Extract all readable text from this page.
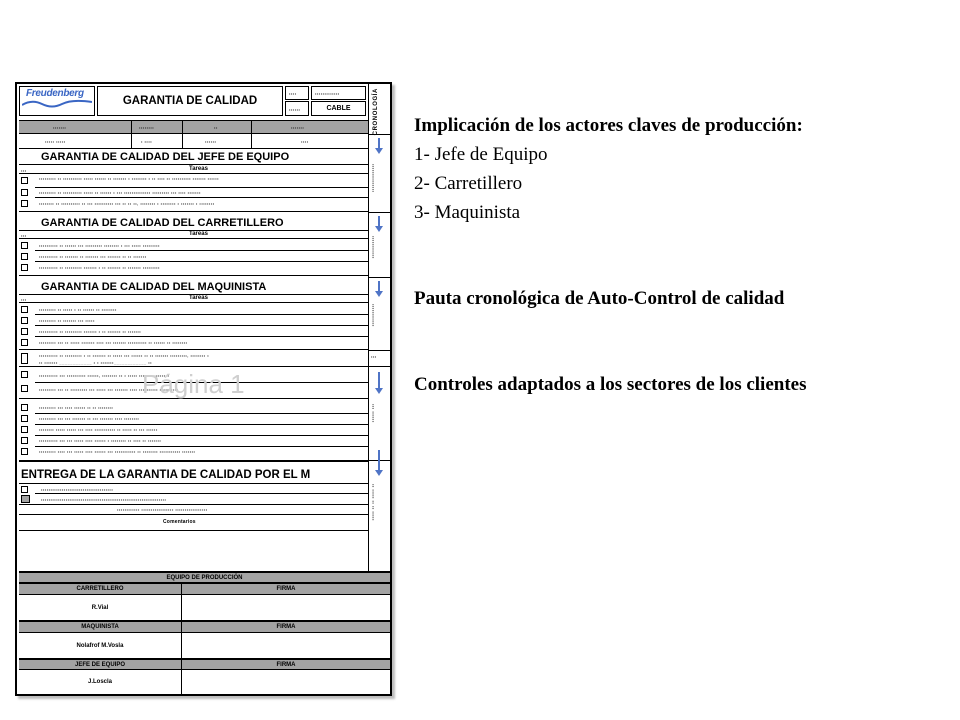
Freudenberg
GARANTIA DE CALIDAD
••••	•••••••••••••
••••••	CABLE	CRONOLOGÍA
•••••••••••••••
••••••••••••
••••••••••••
•••
••• ••••••
•• ••••• •• •• •••••
•••••••	••••••••	••	•••••••
••••• •••••	• ••••	••••••	••••
GARANTIA DE CALIDAD DEL JEFE DE EQUIPO
Tareas
•••
••••••••• •• •••••••••• ••••• •••••• •• ••••••• • •••••••• • •• •••• •• •••••••••• ••••••• ••••••
••••••••• •• •••••••••• ••••• •• •••••• • ••• •••••••••••••• ••••••••• ••• •••• •••••••
•••••••• •• •••••••••• •• ••• •••••••••• ••• •• •• ••, •••••••• • •••••••• • ••••••• • ••••••••
GARANTIA DE CALIDAD DEL CARRETILLERO
Tareas
•••
•••••••••• •• •••••• ••• ••••••••• •••••••• • ••• ••••• •••••••••
•••••••••• •• ••••••• •• ••••••• ••• ••••••• •• •• •••••••
•••••••••• •• ••••••••• ••••••• • •• ••••••• •• ••••••• •••••••••
GARANTIA DE CALIDAD DEL MAQUINISTA
Tareas
•••
••••••••• •• ••••• • •• •••••• •• ••••••••
••••••••• •• ••••••• ••• •••••
•••••••••• •• ••••••••• ••••••• • •• ••••••• •• •••••••
••••••••• ••• •• ••••• ••••••• •••• ••• ••••••• •••••••••• •• •••••• •• ••••••••
•••••••••• •• ••••••••• • •• ••••••• •• ••••• ••• •••••• •• •• ••••••• •••••••••, •••••••• •
•• ••••••• ____________ • • •••••••____________ ••
•••••••••• ••• •••••••••• ••••••, •••••••• •• • ••••• ••••••••••••••••
••••••••• ••• •• ••••••••• ••• ••••• ••• ••••••• •••• •••••••••• ••••••••••
Página 1
••••••••• ••• •••• •••••• •• •• ••••••••
••••••••• ••• ••• ••••••• •• ••• ••••••• •••• ••••••••
•••••••• ••••• ••••• ••• •••• ••••••••••• •• ••••• •• ••• ••••••
•••••••••• ••• ••• ••••• •••• •••••• • •••••••• •• •••• •• •••••••
••••••••• •••• ••• ••••• •••• •••••• ••• ••••••••••• •• •••••••• ••••••••••• •••••••
ENTREGA DE LA GARANTIA DE CALIDAD POR EL M
••••••••••••••••••••••••••••••••••••••
••••••••••••••••••••••••••••••••••••••••••••••••••••••••••••••••••
•••••••••••• ••••••••••••••••• •••••••••••••••••
Comentarios
EQUIPO DE PRODUCCIÓN
CARRETILLERO	FIRMA
R.Vial
MAQUINISTA	FIRMA
Nolafrof M.Vosla
JEFE DE EQUIPO	FIRMA
J.Loscla
Implicación de los actores claves de producción:
1- Jefe de Equipo
2- Carretillero
3- Maquinista
Pauta cronológica de Auto-Control de calidad
Controles adaptados a los sectores de los clientes
